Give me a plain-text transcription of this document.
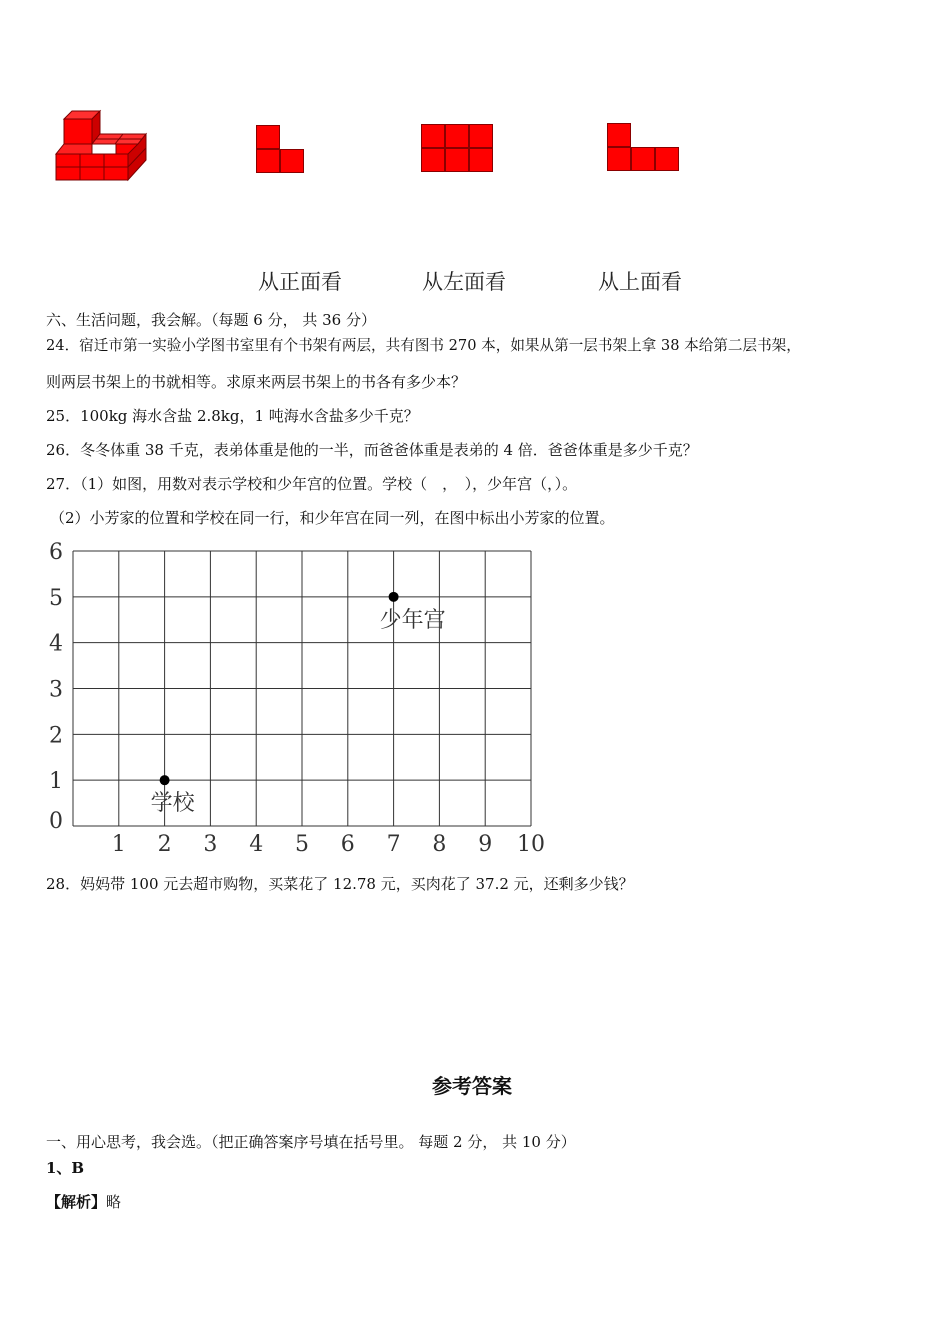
从正面看	从左面看	从上面看
六、生活问题，我会解。（每题 6 分， 共 36 分）
24．宿迁市第一实验小学图书室里有个书架有两层，共有图书 270 本，如果从第一层书架上拿 38 本给第二层书架，
则两层书架上的书就相等。求原来两层书架上的书各有多少本？
25．100kg 海水含盐 2.8kg，1 吨海水含盐多少千克？
26．冬冬体重 38 千克，表弟体重是他的一半，而爸爸体重是表弟的 4 倍．爸爸体重是多少千克？
27．（1）如图，用数对表示学校和少年宫的位置。学校（　，　），少年宫（，）。
（2）小芳家的位置和学校在同一行，和少年宫在同一列，在图中标出小芳家的位置。
1 2 3 4 5 6 7 8 9 10
0
1
2
3
4
5
6
学校
少年宫
28．妈妈带 100 元去超市购物，买菜花了 12.78 元，买肉花了 37.2 元，还剩多少钱？
参考答案
一、用心思考，我会选。（把正确答案序号填在括号里。 每题 2 分， 共 10 分）
1、B
【解析】略
